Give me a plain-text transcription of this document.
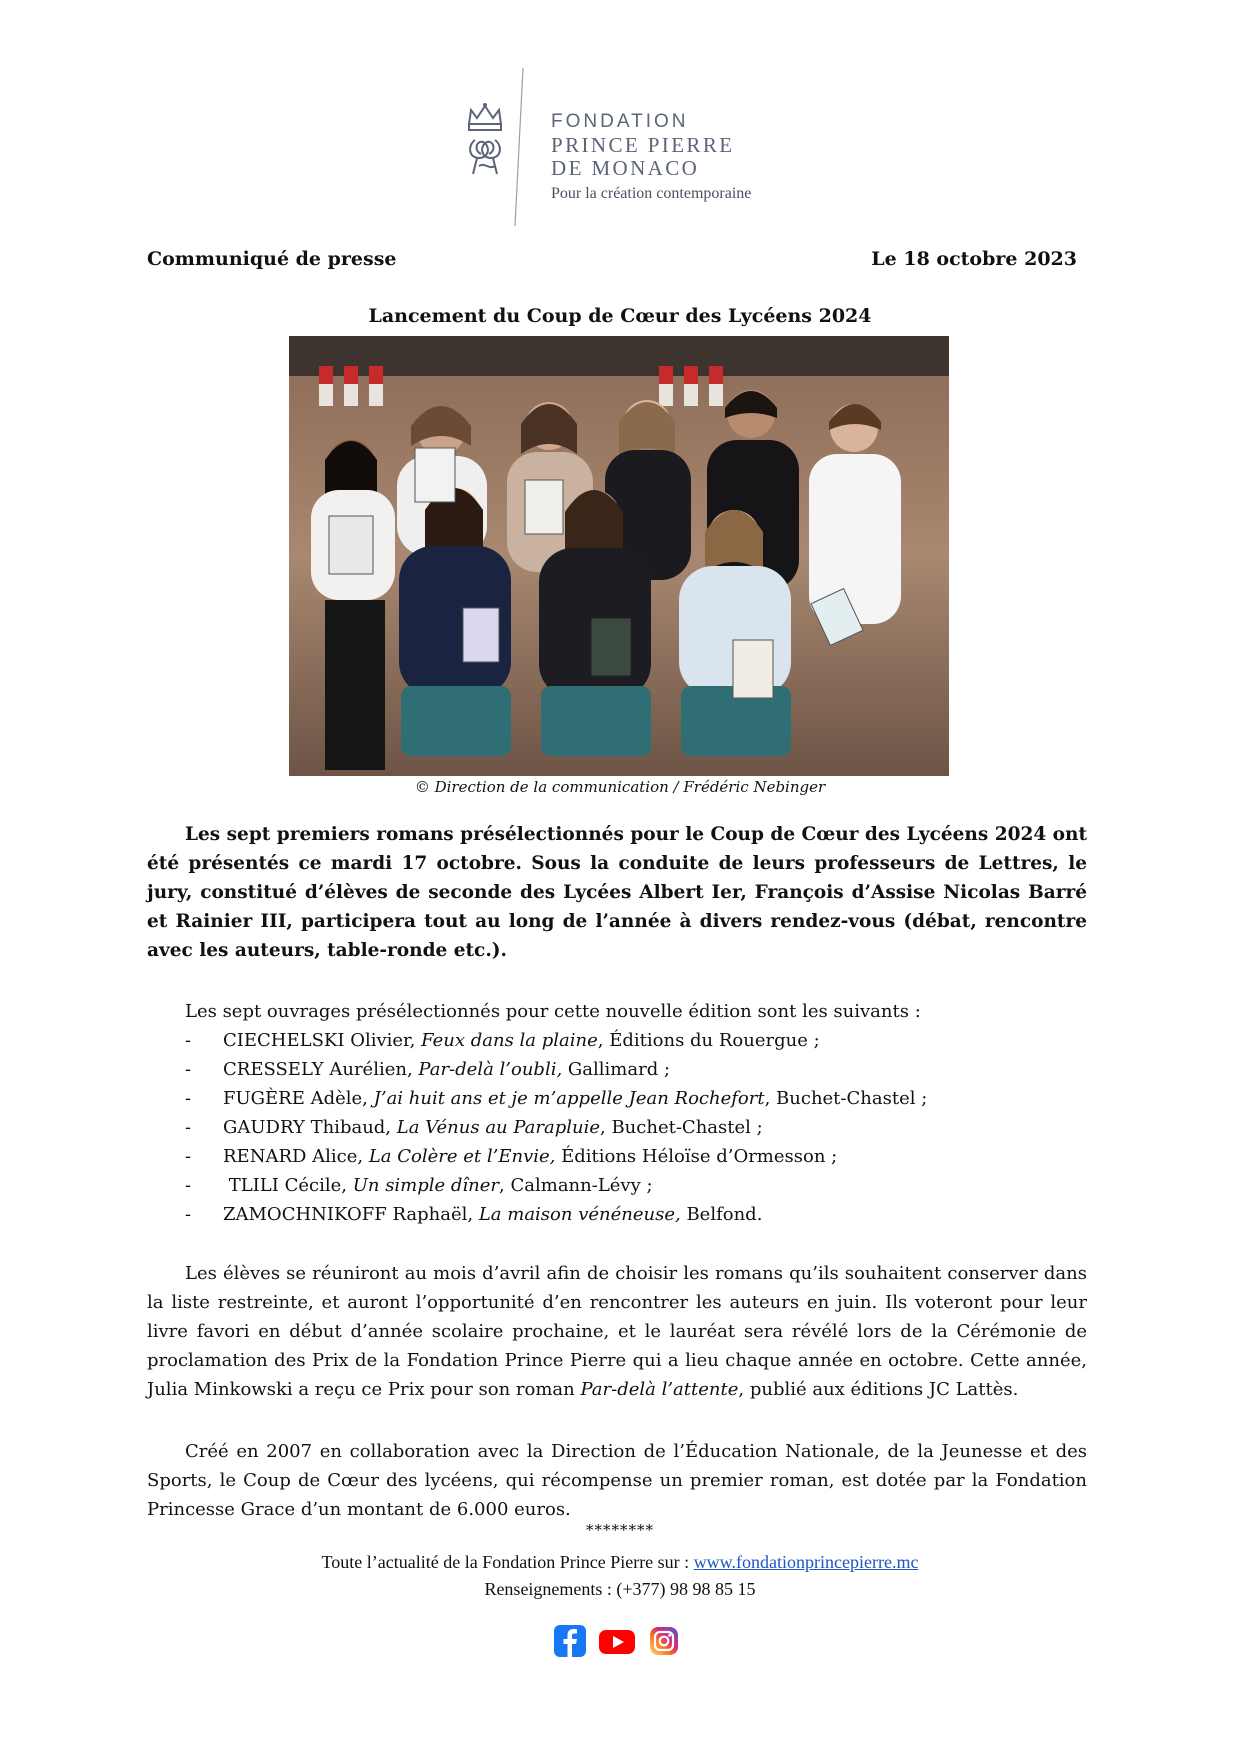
FONDATION
PRINCE PIERRE
DE MONACO
Pour la création contemporaine
Communiqué de presse	Le 18 octobre 2023
Lancement du Coup de Cœur des Lycéens 2024
© Direction de la communication / Frédéric Nebinger
Les sept premiers romans présélectionnés pour le Coup de Cœur des Lycéens 2024 ont été présentés ce mardi 17 octobre. Sous la conduite de leurs professeurs de Lettres, le jury, constitué d’élèves de seconde des Lycées Albert Ier, François d’Assise Nicolas Barré et Rainier III, participera tout au long de l’année à divers rendez-vous (débat, rencontre avec les auteurs, table-ronde etc.).
Les sept ouvrages présélectionnés pour cette nouvelle édition sont les suivants :
- CIECHELSKI Olivier, Feux dans la plaine, Éditions du Rouergue ;
- CRESSELY Aurélien, Par-delà l’oubli, Gallimard ;
- FUGÈRE Adèle, J’ai huit ans et je m’appelle Jean Rochefort, Buchet-Chastel ;
- GAUDRY Thibaud, La Vénus au Parapluie, Buchet-Chastel ;
- RENARD Alice, La Colère et l’Envie, Éditions Héloïse d’Ormesson ;
-  TLILI Cécile, Un simple dîner, Calmann-Lévy ;
- ZAMOCHNIKOFF Raphaël, La maison vénéneuse, Belfond.
Les élèves se réuniront au mois d’avril afin de choisir les romans qu’ils souhaitent conserver dans la liste restreinte, et auront l’opportunité d’en rencontrer les auteurs en juin. Ils voteront pour leur livre favori en début d’année scolaire prochaine, et le lauréat sera révélé lors de la Cérémonie de proclamation des Prix de la Fondation Prince Pierre qui a lieu chaque année en octobre. Cette année, Julia Minkowski a reçu ce Prix pour son roman Par-delà l’attente, publié aux éditions JC Lattès.
Créé en 2007 en collaboration avec la Direction de l’Éducation Nationale, de la Jeunesse et des Sports, le Coup de Cœur des lycéens, qui récompense un premier roman, est dotée par la Fondation Princesse Grace d’un montant de 6.000 euros.
********
Toute l’actualité de la Fondation Prince Pierre sur : www.fondationprincepierre.mc
Renseignements : (+377) 98 98 85 15
